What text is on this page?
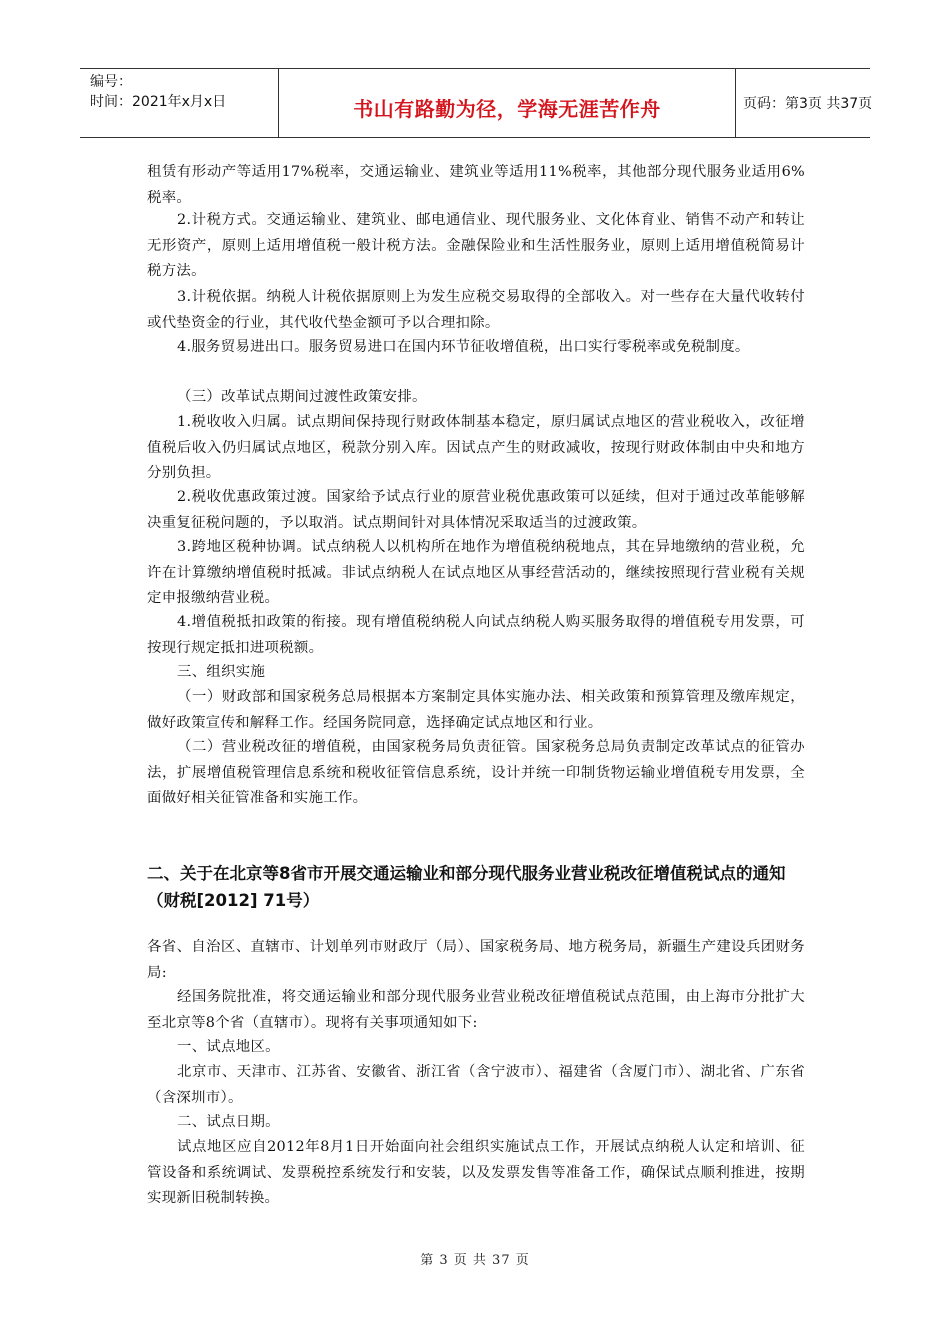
编号：
时间：2021年x月x日	书山有路勤为径，学海无涯苦作舟	页码：第3页 共37页
租赁有形动产等适用17%税率，交通运输业、建筑业等适用11%税率，其他部分现代服务业适用6%税率。
2.计税方式。交通运输业、建筑业、邮电通信业、现代服务业、文化体育业、销售不动产和转让无形资产，原则上适用增值税一般计税方法。金融保险业和生活性服务业，原则上适用增值税简易计税方法。
3.计税依据。纳税人计税依据原则上为发生应税交易取得的全部收入。对一些存在大量代收转付或代垫资金的行业，其代收代垫金额可予以合理扣除。
4.服务贸易进出口。服务贸易进口在国内环节征收增值税，出口实行零税率或免税制度。
（三）改革试点期间过渡性政策安排。
1.税收收入归属。试点期间保持现行财政体制基本稳定，原归属试点地区的营业税收入，改征增值税后收入仍归属试点地区，税款分别入库。因试点产生的财政减收，按现行财政体制由中央和地方分别负担。
2.税收优惠政策过渡。国家给予试点行业的原营业税优惠政策可以延续，但对于通过改革能够解决重复征税问题的，予以取消。试点期间针对具体情况采取适当的过渡政策。
3.跨地区税种协调。试点纳税人以机构所在地作为增值税纳税地点，其在异地缴纳的营业税，允许在计算缴纳增值税时抵减。非试点纳税人在试点地区从事经营活动的，继续按照现行营业税有关规定申报缴纳营业税。
4.增值税抵扣政策的衔接。现有增值税纳税人向试点纳税人购买服务取得的增值税专用发票，可按现行规定抵扣进项税额。
三、组织实施
（一）财政部和国家税务总局根据本方案制定具体实施办法、相关政策和预算管理及缴库规定，做好政策宣传和解释工作。经国务院同意，选择确定试点地区和行业。
（二）营业税改征的增值税，由国家税务局负责征管。国家税务总局负责制定改革试点的征管办法，扩展增值税管理信息系统和税收征管信息系统，设计并统一印制货物运输业增值税专用发票，全面做好相关征管准备和实施工作。
二、关于在北京等8省市开展交通运输业和部分现代服务业营业税改征增值税试点的通知（财税[2012] 71号）
各省、自治区、直辖市、计划单列市财政厅（局）、国家税务局、地方税务局，新疆生产建设兵团财务局:
经国务院批准，将交通运输业和部分现代服务业营业税改征增值税试点范围，由上海市分批扩大至北京等8个省（直辖市）。现将有关事项通知如下:
一、试点地区。
北京市、天津市、江苏省、安徽省、浙江省（含宁波市）、福建省（含厦门市）、湖北省、广东省（含深圳市）。
二、试点日期。
试点地区应自2012年8月1日开始面向社会组织实施试点工作，开展试点纳税人认定和培训、征管设备和系统调试、发票税控系统发行和安装，以及发票发售等准备工作，确保试点顺利推进，按期实现新旧税制转换。
第 3 页 共 37 页
